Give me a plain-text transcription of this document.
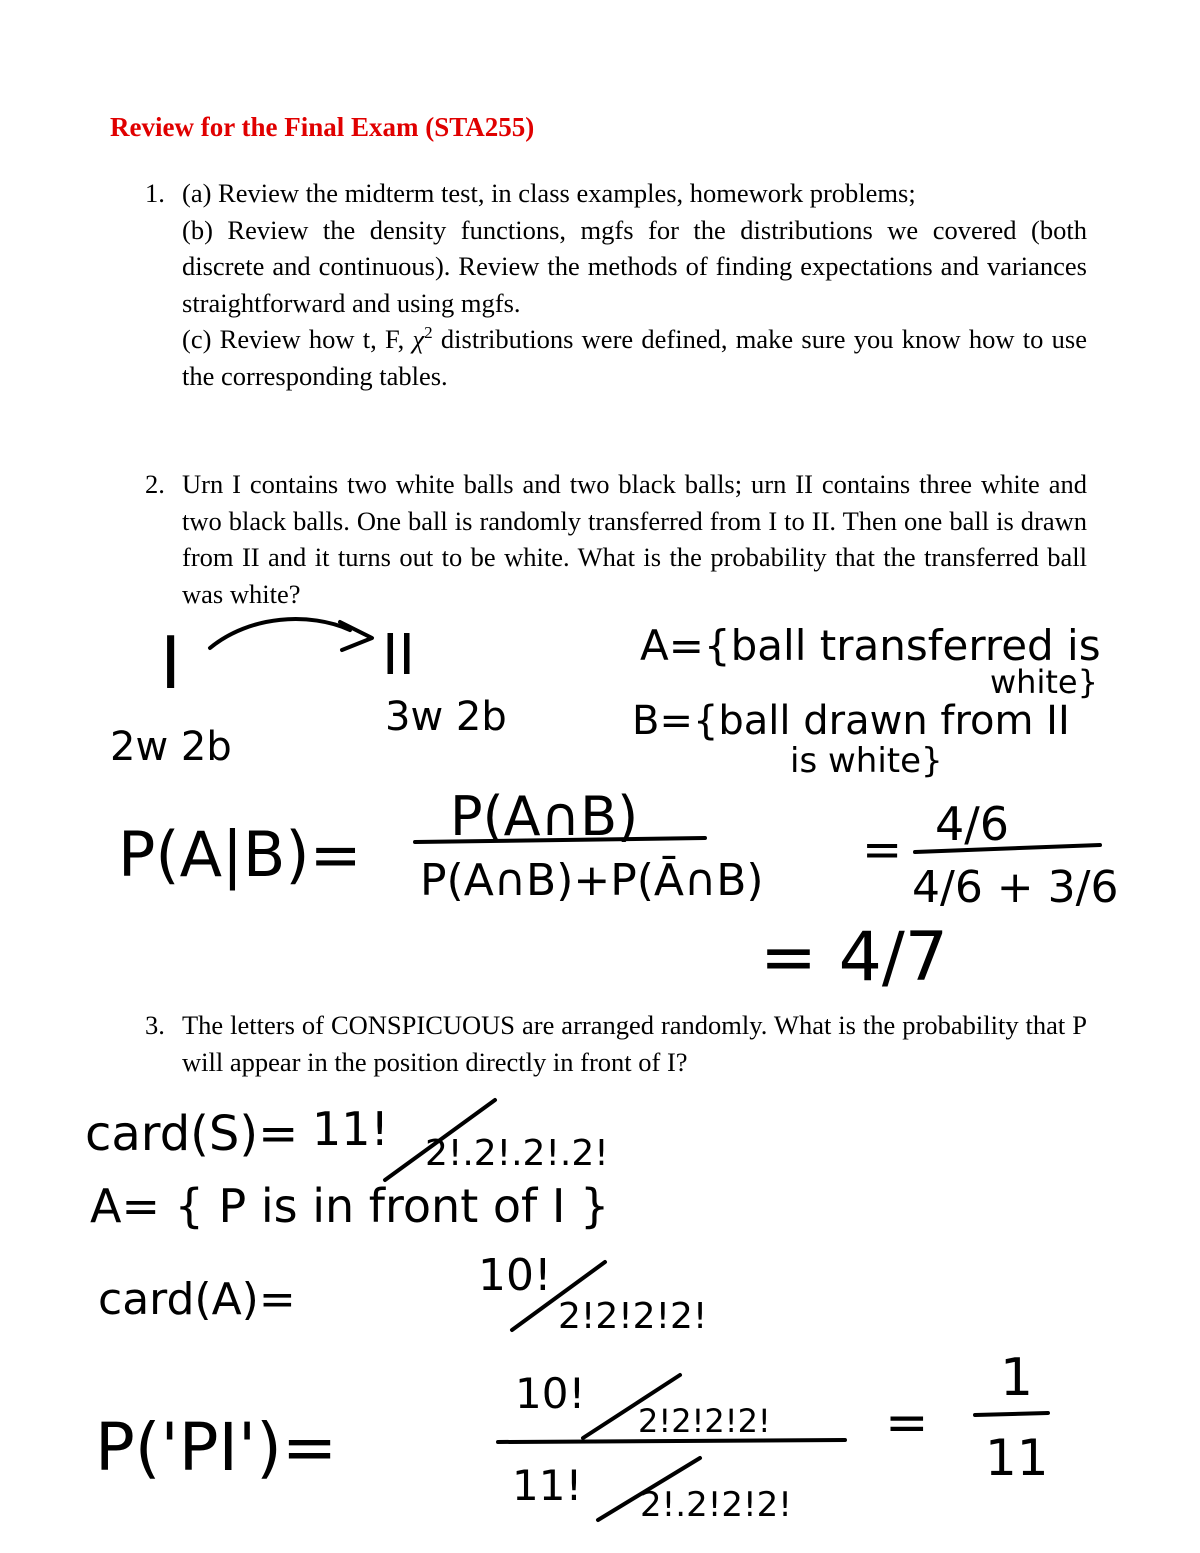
Review for the Final Exam (STA255)
1. (a) Review the midterm test, in class examples, homework problems;

(b) Review the density functions, mgfs for the distributions we covered (both discrete and continuous). Review the methods of finding expectations and variances straightforward and using mgfs.

(c) Review how t, F, $\chi^2$ distributions were defined, make sure you know how to use the corresponding tables.

2. Urn I contains two white balls and two black balls; urn II contains three white and two black balls. One ball is randomly transferred from I to II. Then one ball is drawn from II and it turns out to be white. What is the probability that the transferred ball was white?

3. The letters of CONSPICUOUS are arranged randomly. What is the probability that P will appear in the position directly in front of I?

I	II
2w 2b
3w 2b
A={ball transferred is
white}
B={ball drawn from II
is white}
P(A|B)=
P(A∩B)
P(A∩B)+P(Ā∩B)
= 4/6
4/6 + 3/6
= 4/7
card(S)= 11! 2!.2!.2!.2!
A= { P is in front of I }
card(A)=	10!
2!2!2!2!
P('PI')=
10!
2!2!2!2!
11! 2!.2!2!2!
=
1
11
